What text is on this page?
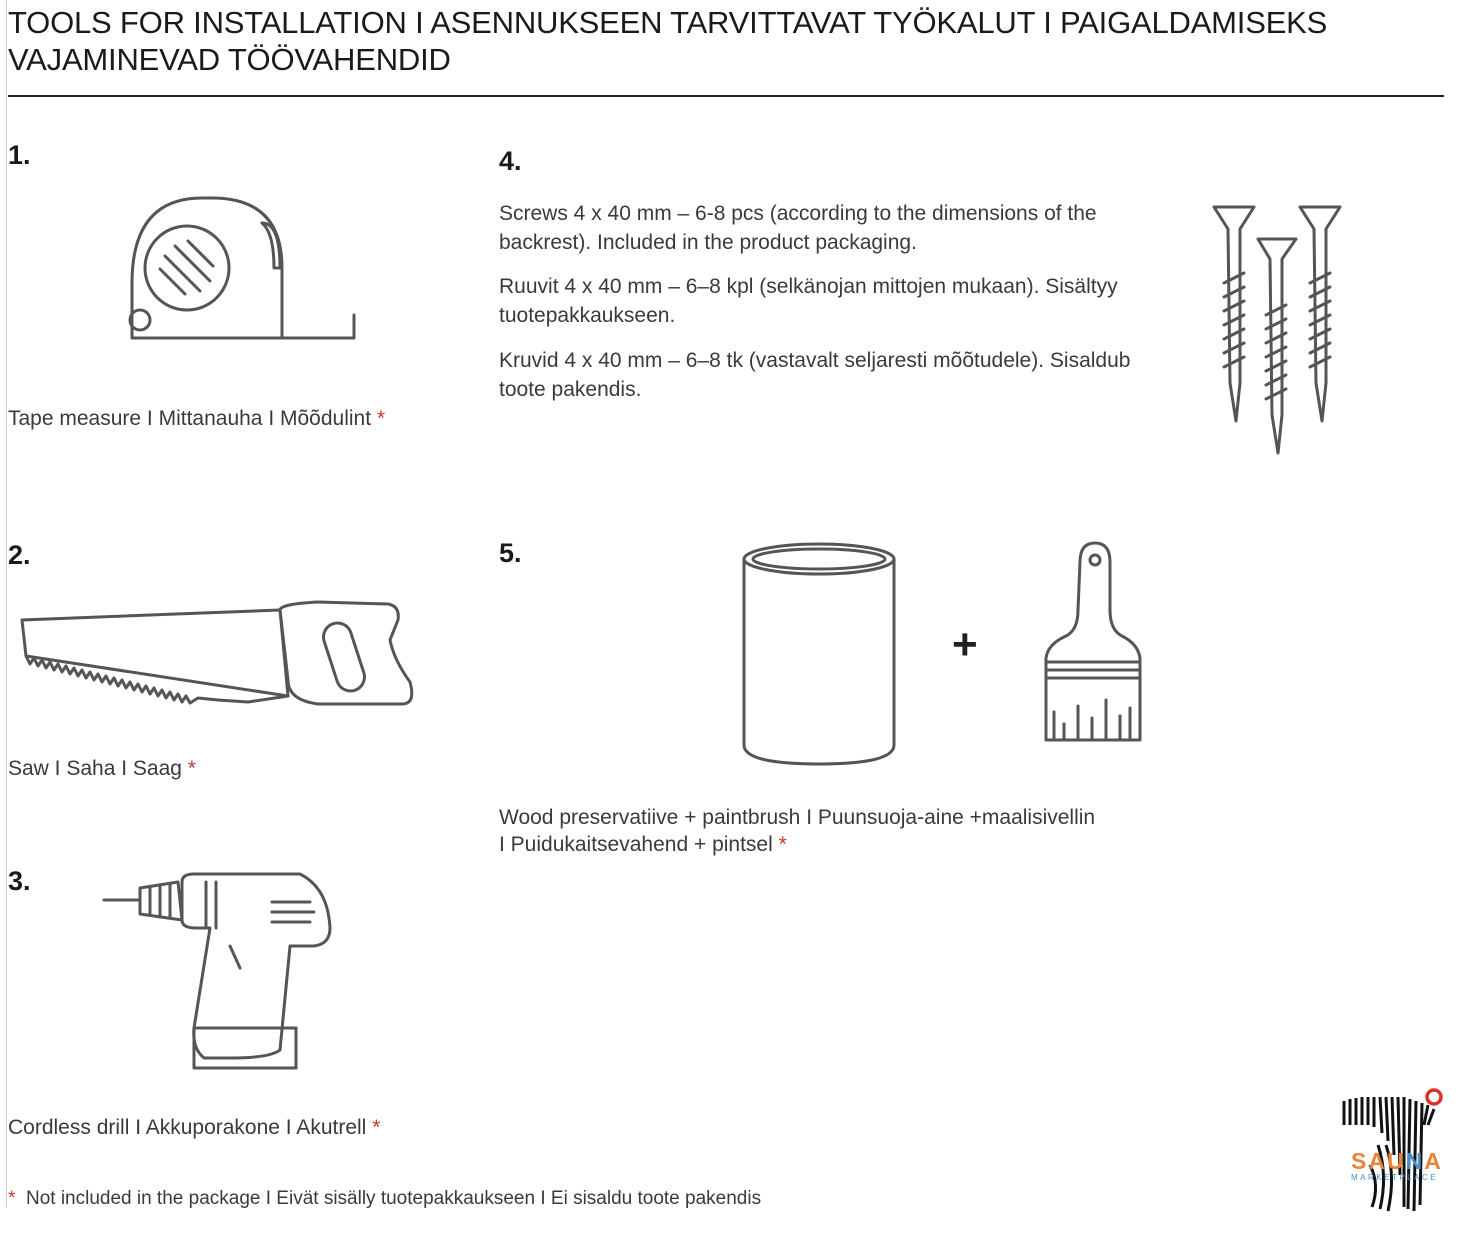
TOOLS FOR INSTALLATION I ASENNUKSEEN TARVITTAVAT TYÖKALUT I PAIGALDAMISEKS VAJAMINEVAD TÖÖVAHENDID
1.
Tape measure I Mittanauha I Mõõdulint *
2.
Saw I Saha I Saag *
3.
Cordless drill I Akkuporakone I Akutrell *
4.

Screws 4 x 40 mm – 6-8 pcs (according to the dimensions of the backrest). Included in the product packaging.

Ruuvit 4 x 40 mm – 6–8 kpl (selkänojan mittojen mukaan). Sisältyy tuotepakkaukseen.

Kruvid 4 x 40 mm – 6–8 tk (vastavalt seljaresti mõõtudele). Sisaldub toote pakendis.

5.
+
Wood preservatiive + paintbrush I Puunsuoja-aine +maalisivellin
I Puidukaitsevahend + pintsel *
* Not included in the package I Eivät sisälly tuotepakkaukseen I Ei sisaldu toote pakendis
SAUNA
MARKETPLACE
